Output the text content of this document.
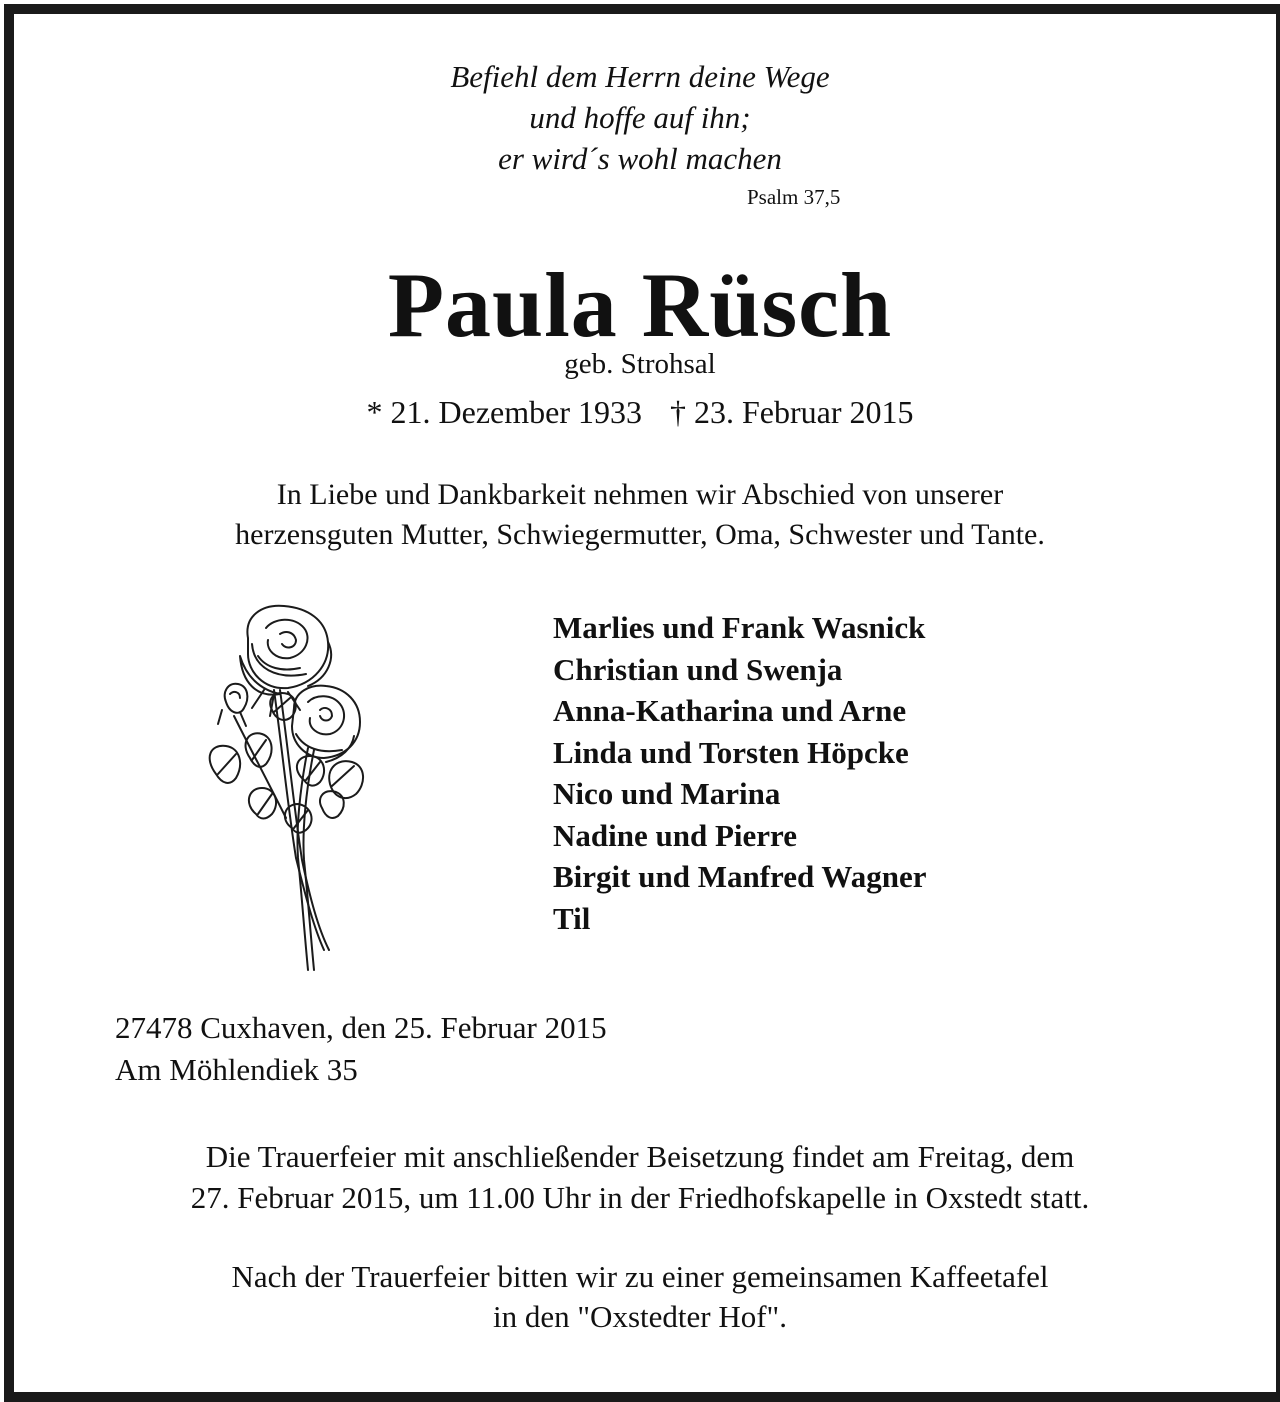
Befiehl dem Herrn deine Wege
und hoffe auf ihn;
er wird´s wohl machen
Psalm 37,5
Paula Rüsch
geb. Strohsal
* 21. Dezember 1933 † 23. Februar 2015
In Liebe und Dankbarkeit nehmen wir Abschied von unserer
herzensguten Mutter, Schwiegermutter, Oma, Schwester und Tante.
Marlies und Frank Wasnick
Christian und Swenja
Anna-Katharina und Arne
Linda und Torsten Höpcke
Nico und Marina
Nadine und Pierre
Birgit und Manfred Wagner
Til
27478 Cuxhaven, den 25. Februar 2015
Am Möhlendiek 35
Die Trauerfeier mit anschließender Beisetzung findet am Freitag, dem
27. Februar 2015, um 11.00 Uhr in der Friedhofskapelle in Oxstedt statt.
Nach der Trauerfeier bitten wir zu einer gemeinsamen Kaffeetafel
in den "Oxstedter Hof".
